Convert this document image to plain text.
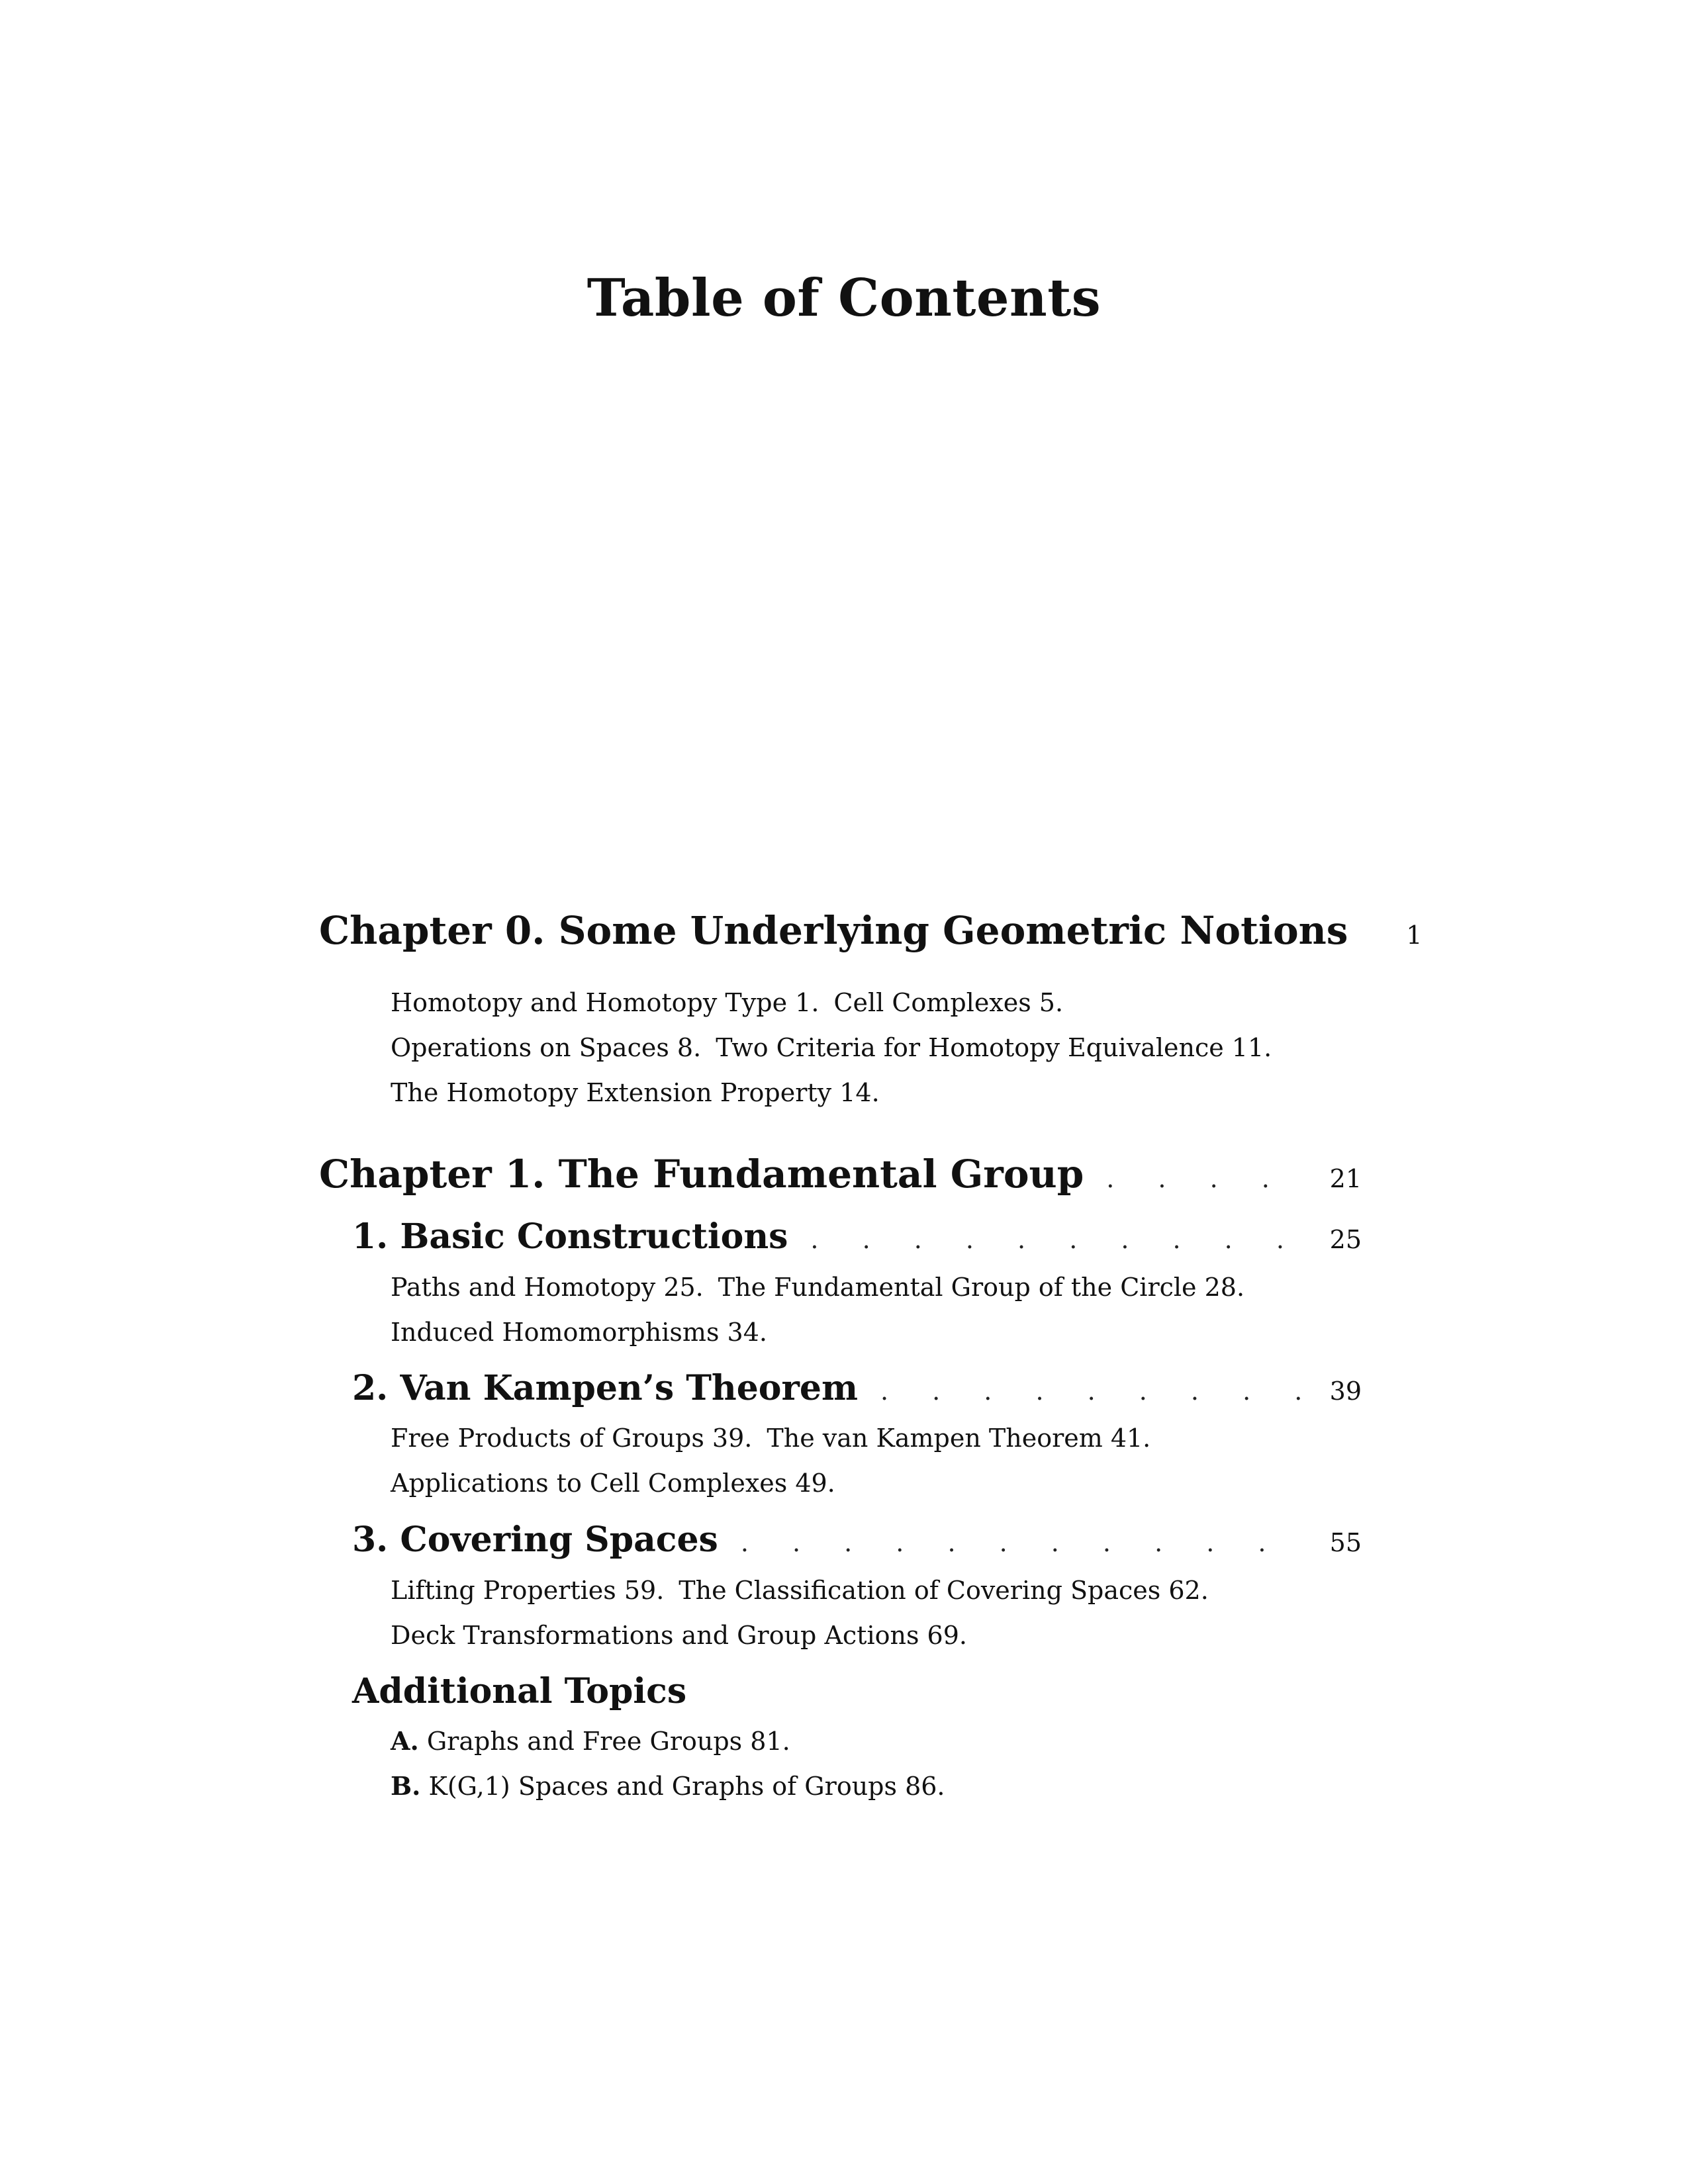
Table of Contents
Chapter 0. Some Underlying Geometric Notions	1
Homotopy and Homotopy Type 1. Cell Complexes 5.
Operations on Spaces 8. Two Criteria for Homotopy Equivalence 11.
The Homotopy Extension Property 14.
Chapter 1. The Fundamental Group . . .	21
1. Basic Constructions . . .	25
Paths and Homotopy 25. The Fundamental Group of the Circle 28.
Induced Homomorphisms 34.
2. Van Kampen’s Theorem . . .	39
Free Products of Groups 39. The van Kampen Theorem 41.
Applications to Cell Complexes 49.
3. Covering Spaces . . .	55
Lifting Properties 59. The Classification of Covering Spaces 62.
Deck Transformations and Group Actions 69.
Additional Topics
A. Graphs and Free Groups 81.
B. K(G,1) Spaces and Graphs of Groups 86.
